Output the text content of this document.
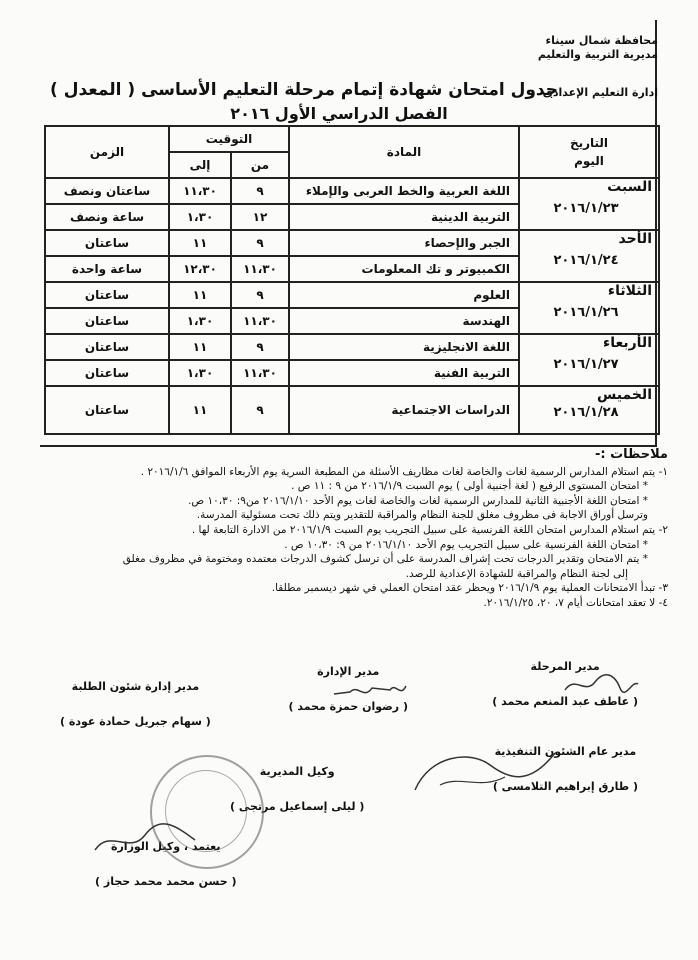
محافظة شمال سيناء
مديرية التربية والتعليم
إدارة التعليم الإعدادى
جدول امتحان شهادة إتمام مرحلة التعليم الأساسى ( المعدل )
الفصل الدراسي الأول ٢٠١٦
التاريخ
اليوم	المادة	التوقيت		الزمن
		من	إلى	

السبت
٢٠١٦/١/٢٣	اللغة العربية والخط العربى والإملاء	٩	١١،٣٠	ساعتان ونصف
	التربية الدينية	١٢	١،٣٠	ساعة ونصف

الأحد
٢٠١٦/١/٢٤	الجبر والإحصاء	٩	١١	ساعتان
	الكمبيوتر و تك المعلومات	١١،٣٠	١٢،٣٠	ساعة واحدة

الثلاثاء
٢٠١٦/١/٢٦	العلوم	٩	١١	ساعتان
	الهندسة	١١،٣٠	١،٣٠	ساعتان

الأربعاء
٢٠١٦/١/٢٧	اللغة الانجليزية	٩	١١	ساعتان
	التربية الفنية	١١،٣٠	١،٣٠	ساعتان

الخميس
٢٠١٦/١/٢٨	الدراسات الاجتماعية	٩	١١	ساعتان
ملاحظات :-
١- يتم استلام المدارس الرسمية لغات والخاصة لغات مظاريف الأسئلة من المطبعة السرية يوم الأربعاء الموافق ٢٠١٦/١/٦ .
* امتحان المستوى الرفيع ( لغة أجنبية أولى ) يوم السبت ٢٠١٦/١/٩ من ٩ : ١١ ص .
* امتحان اللغة الأجنبية الثانية للمدارس الرسمية لغات والخاصة لغات يوم الأحد ٢٠١٦/١/١٠ من٩: ١٠،٣٠ ص.
وترسل أوراق الاجابة فى مظروف مغلق للجنة النظام والمراقبة للتقدير ويتم ذلك تحت مسئولية المدرسة.
٢- يتم استلام المدارس امتحان اللغة الفرنسية على سبيل التجريب يوم السبت ٢٠١٦/١/٩ من الادارة التابعة لها .
* امتحان اللغة الفرنسية على سبيل التجريب يوم الأحد ٢٠١٦/١/١٠ من ٩: ١٠،٣٠ ص .
* يتم الامتحان وتقدير الدرجات تحت إشراف المدرسة على أن ترسل كشوف الدرجات معتمده ومختومة في مظروف مغلق
إلى لجنة النظام والمراقبة للشهادة الإعدادية للرصد.
٣- تبدأ الامتحانات العملية يوم ٢٠١٦/١/٩ ويحظر عقد امتحان العملي في شهر ديسمبر مطلقا.
٤- لا تعقد امتحانات أيام ٧، ٢٠، ٢٠١٦/١/٢٥.
مدير المرحلة
( عاطف عبد المنعم محمد )
مدير الإدارة
( رضوان حمزة محمد )
مدير إدارة شئون الطلبة
( سهام جبريل حمادة عودة )
مدير عام الشئون التنفيذية
( طارق إبراهيم التلامسى )
وكيل المديرية
( ليلى إسماعيل مرتجى )
يعتمد ، وكيل الوزارة
( حسن محمد محمد حجاز )
